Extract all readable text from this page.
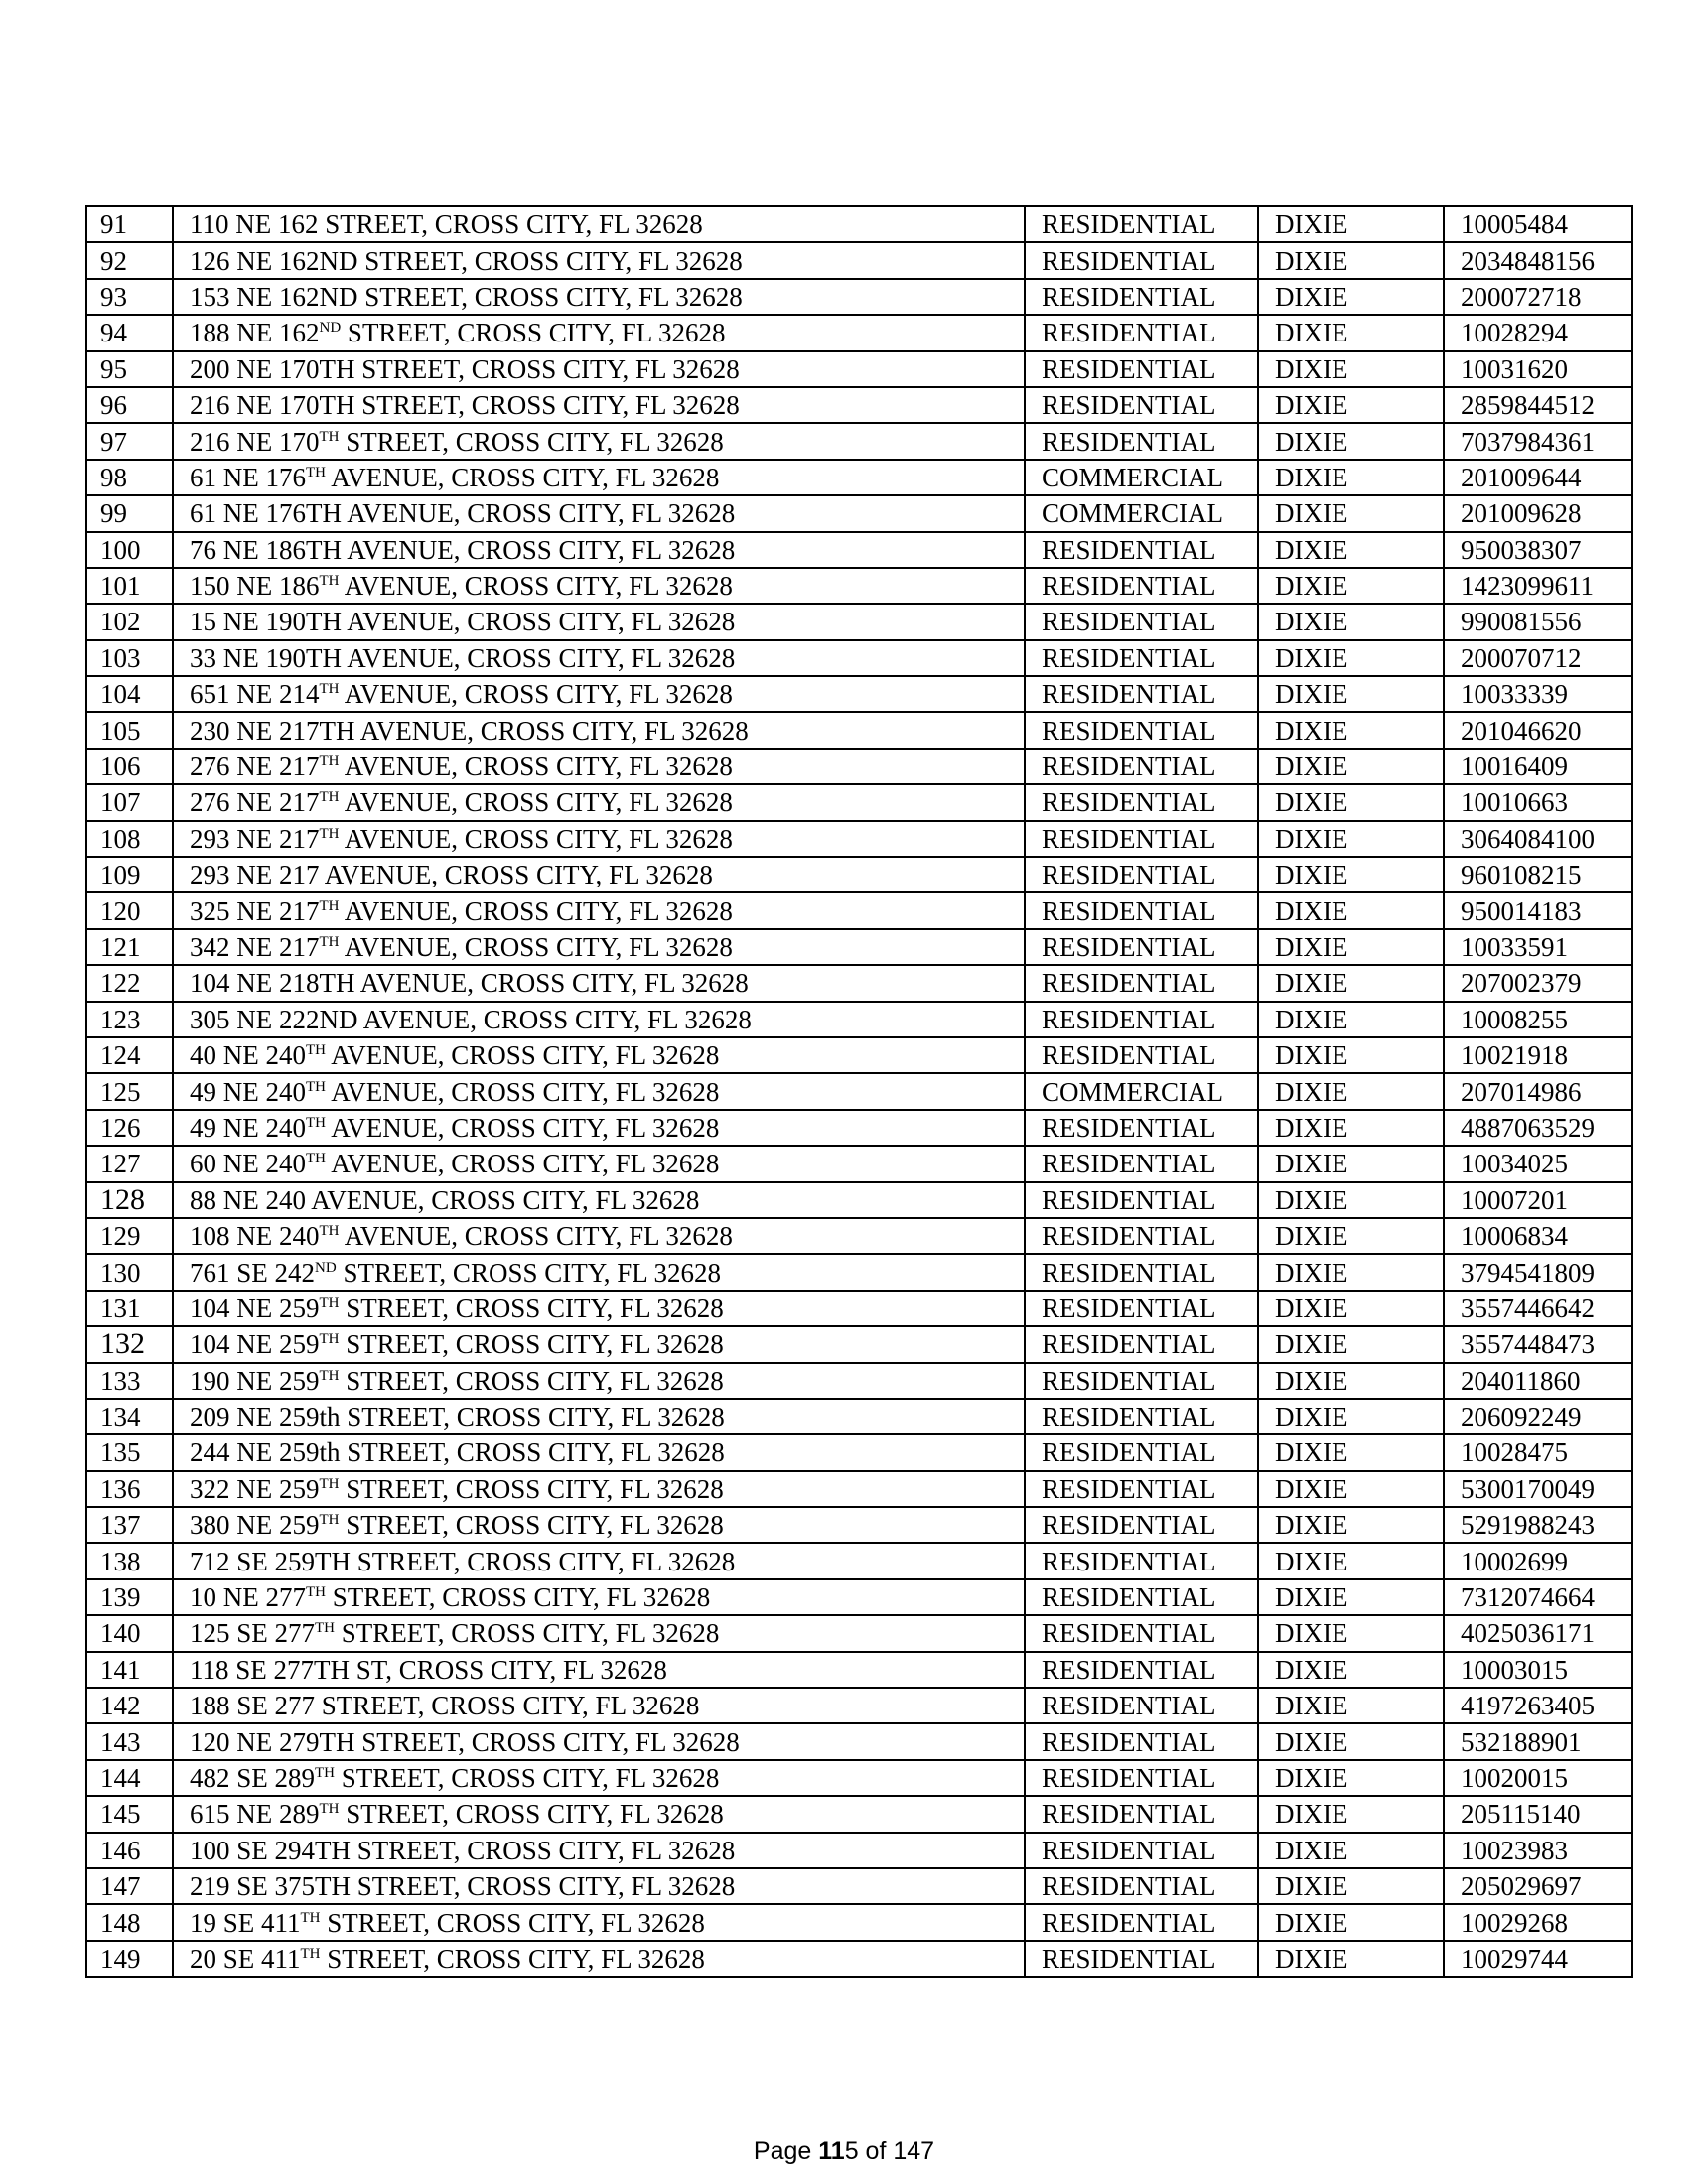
91	110 NE 162 STREET, CROSS CITY, FL 32628	RESIDENTIAL	DIXIE	10005484
92	126 NE 162ND STREET, CROSS CITY, FL 32628	RESIDENTIAL	DIXIE	2034848156
93	153 NE 162ND STREET, CROSS CITY, FL 32628	RESIDENTIAL	DIXIE	200072718
94	188 NE 162ND STREET, CROSS CITY, FL 32628	RESIDENTIAL	DIXIE	10028294
95	200 NE 170TH STREET, CROSS CITY, FL 32628	RESIDENTIAL	DIXIE	10031620
96	216 NE 170TH STREET, CROSS CITY, FL 32628	RESIDENTIAL	DIXIE	2859844512
97	216 NE 170TH STREET, CROSS CITY, FL 32628	RESIDENTIAL	DIXIE	7037984361
98	61 NE 176TH AVENUE, CROSS CITY, FL 32628	COMMERCIAL	DIXIE	201009644
99	61 NE 176TH AVENUE, CROSS CITY, FL 32628	COMMERCIAL	DIXIE	201009628
100	76 NE 186TH AVENUE, CROSS CITY, FL 32628	RESIDENTIAL	DIXIE	950038307
101	150 NE 186TH AVENUE, CROSS CITY, FL 32628	RESIDENTIAL	DIXIE	1423099611
102	15 NE 190TH AVENUE, CROSS CITY, FL 32628	RESIDENTIAL	DIXIE	990081556
103	33 NE 190TH AVENUE, CROSS CITY, FL 32628	RESIDENTIAL	DIXIE	200070712
104	651 NE 214TH AVENUE, CROSS CITY, FL 32628	RESIDENTIAL	DIXIE	10033339
105	230 NE 217TH AVENUE, CROSS CITY, FL 32628	RESIDENTIAL	DIXIE	201046620
106	276 NE 217TH AVENUE, CROSS CITY, FL 32628	RESIDENTIAL	DIXIE	10016409
107	276 NE 217TH AVENUE, CROSS CITY, FL 32628	RESIDENTIAL	DIXIE	10010663
108	293 NE 217TH AVENUE, CROSS CITY, FL 32628	RESIDENTIAL	DIXIE	3064084100
109	293 NE 217 AVENUE, CROSS CITY, FL 32628	RESIDENTIAL	DIXIE	960108215
120	325 NE 217TH AVENUE, CROSS CITY, FL 32628	RESIDENTIAL	DIXIE	950014183
121	342 NE 217TH AVENUE, CROSS CITY, FL 32628	RESIDENTIAL	DIXIE	10033591
122	104 NE 218TH AVENUE, CROSS CITY, FL 32628	RESIDENTIAL	DIXIE	207002379
123	305 NE 222ND AVENUE, CROSS CITY, FL 32628	RESIDENTIAL	DIXIE	10008255
124	40 NE 240TH AVENUE, CROSS CITY, FL 32628	RESIDENTIAL	DIXIE	10021918
125	49 NE 240TH AVENUE, CROSS CITY, FL 32628	COMMERCIAL	DIXIE	207014986
126	49 NE 240TH AVENUE, CROSS CITY, FL 32628	RESIDENTIAL	DIXIE	4887063529
127	60 NE 240TH AVENUE, CROSS CITY, FL 32628	RESIDENTIAL	DIXIE	10034025
128	88 NE 240 AVENUE, CROSS CITY, FL 32628	RESIDENTIAL	DIXIE	10007201
129	108 NE 240TH AVENUE, CROSS CITY, FL 32628	RESIDENTIAL	DIXIE	10006834
130	761 SE 242ND STREET, CROSS CITY, FL 32628	RESIDENTIAL	DIXIE	3794541809
131	104 NE 259TH STREET, CROSS CITY, FL 32628	RESIDENTIAL	DIXIE	3557446642
132	104 NE 259TH STREET, CROSS CITY, FL 32628	RESIDENTIAL	DIXIE	3557448473
133	190 NE 259TH STREET, CROSS CITY, FL 32628	RESIDENTIAL	DIXIE	204011860
134	209 NE 259th STREET, CROSS CITY, FL 32628	RESIDENTIAL	DIXIE	206092249
135	244 NE 259th STREET, CROSS CITY, FL 32628	RESIDENTIAL	DIXIE	10028475
136	322 NE 259TH STREET, CROSS CITY, FL 32628	RESIDENTIAL	DIXIE	5300170049
137	380 NE 259TH STREET, CROSS CITY, FL 32628	RESIDENTIAL	DIXIE	5291988243
138	712 SE 259TH STREET, CROSS CITY, FL 32628	RESIDENTIAL	DIXIE	10002699
139	10 NE 277TH STREET, CROSS CITY, FL 32628	RESIDENTIAL	DIXIE	7312074664
140	125 SE 277TH STREET, CROSS CITY, FL 32628	RESIDENTIAL	DIXIE	4025036171
141	118 SE 277TH ST, CROSS CITY, FL 32628	RESIDENTIAL	DIXIE	10003015
142	188 SE 277 STREET, CROSS CITY, FL 32628	RESIDENTIAL	DIXIE	4197263405
143	120 NE 279TH STREET, CROSS CITY, FL 32628	RESIDENTIAL	DIXIE	532188901
144	482 SE 289TH STREET, CROSS CITY, FL 32628	RESIDENTIAL	DIXIE	10020015
145	615 NE 289TH STREET, CROSS CITY, FL 32628	RESIDENTIAL	DIXIE	205115140
146	100 SE 294TH STREET, CROSS CITY, FL 32628	RESIDENTIAL	DIXIE	10023983
147	219 SE 375TH STREET, CROSS CITY, FL 32628	RESIDENTIAL	DIXIE	205029697
148	19 SE 411TH STREET, CROSS CITY, FL 32628	RESIDENTIAL	DIXIE	10029268
149	20 SE 411TH STREET, CROSS CITY, FL 32628	RESIDENTIAL	DIXIE	10029744
Page 115 of 147
